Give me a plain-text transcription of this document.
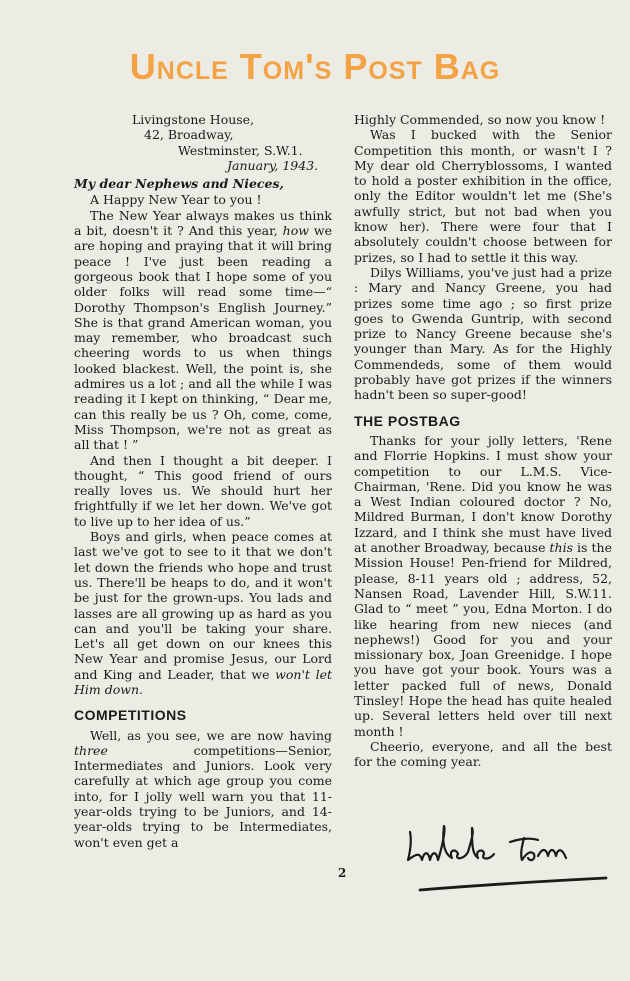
Uncle Tom's Post Bag
Livingstone House,
42, Broadway,
Westminster, S.W.1.
January, 1943.

My dear Nephews and Nieces,

A Happy New Year to you !

The New Year always makes us think a bit, doesn't it ? And this year, how we are hoping and praying that it will bring peace ! I've just been reading a gorgeous book that I hope some of you older folks will read some time—“ Dorothy Thompson's English Journey.” She is that grand American woman, you may remember, who broadcast such cheering words to us when things looked blackest. Well, the point is, she admires us a lot ; and all the while I was reading it I kept on thinking, “ Dear me, can this really be us ? Oh, come, come, Miss Thompson, we're not as great as all that ! ”

And then I thought a bit deeper. I thought, “ This good friend of ours really loves us. We should hurt her frightfully if we let her down. We've got to live up to her idea of us.”

Boys and girls, when peace comes at last we've got to see to it that we don't let down the friends who hope and trust us. There'll be heaps to do, and it won't be just for the grown-ups. You lads and lasses are all growing up as hard as you can and you'll be taking your share. Let's all get down on our knees this New Year and promise Jesus, our Lord and King and Leader, that we won't let Him down.

COMPETITIONS

Well, as you see, we are now having three competitions—Senior, Intermediates and Juniors. Look very carefully at which age group you come into, for I jolly well warn you that 11-year-olds trying to be Juniors, and 14-year-olds trying to be Intermediates, won't even get a

Highly Commended, so now you know !

Was I bucked with the Senior Competition this month, or wasn't I ? My dear old Cherryblossoms, I wanted to hold a poster exhibition in the office, only the Editor wouldn't let me (She's awfully strict, but not bad when you know her). There were four that I absolutely couldn't choose between for prizes, so I had to settle it this way.

Dilys Williams, you've just had a prize : Mary and Nancy Greene, you had prizes some time ago ; so first prize goes to Gwenda Guntrip, with second prize to Nancy Greene because she's younger than Mary. As for the Highly Commendeds, some of them would probably have got prizes if the winners hadn't been so super-good!

THE POSTBAG

Thanks for your jolly letters, 'Rene and Florrie Hopkins. I must show your competition to our L.M.S. Vice-Chairman, 'Rene. Did you know he was a West Indian coloured doctor ? No, Mildred Burman, I don't know Dorothy Izzard, and I think she must have lived at another Broadway, because this is the Mission House! Pen-friend for Mildred, please, 8-11 years old ; address, 52, Nansen Road, Lavender Hill, S.W.11. Glad to “ meet ” you, Edna Morton. I do like hearing from new nieces (and nephews!) Good for you and your missionary box, Joan Greenidge. I hope you have got your book. Yours was a letter packed full of news, Donald Tinsley! Hope the head has quite healed up. Several letters held over till next month !

Cheerio, everyone, and all the best for the coming year.

2
